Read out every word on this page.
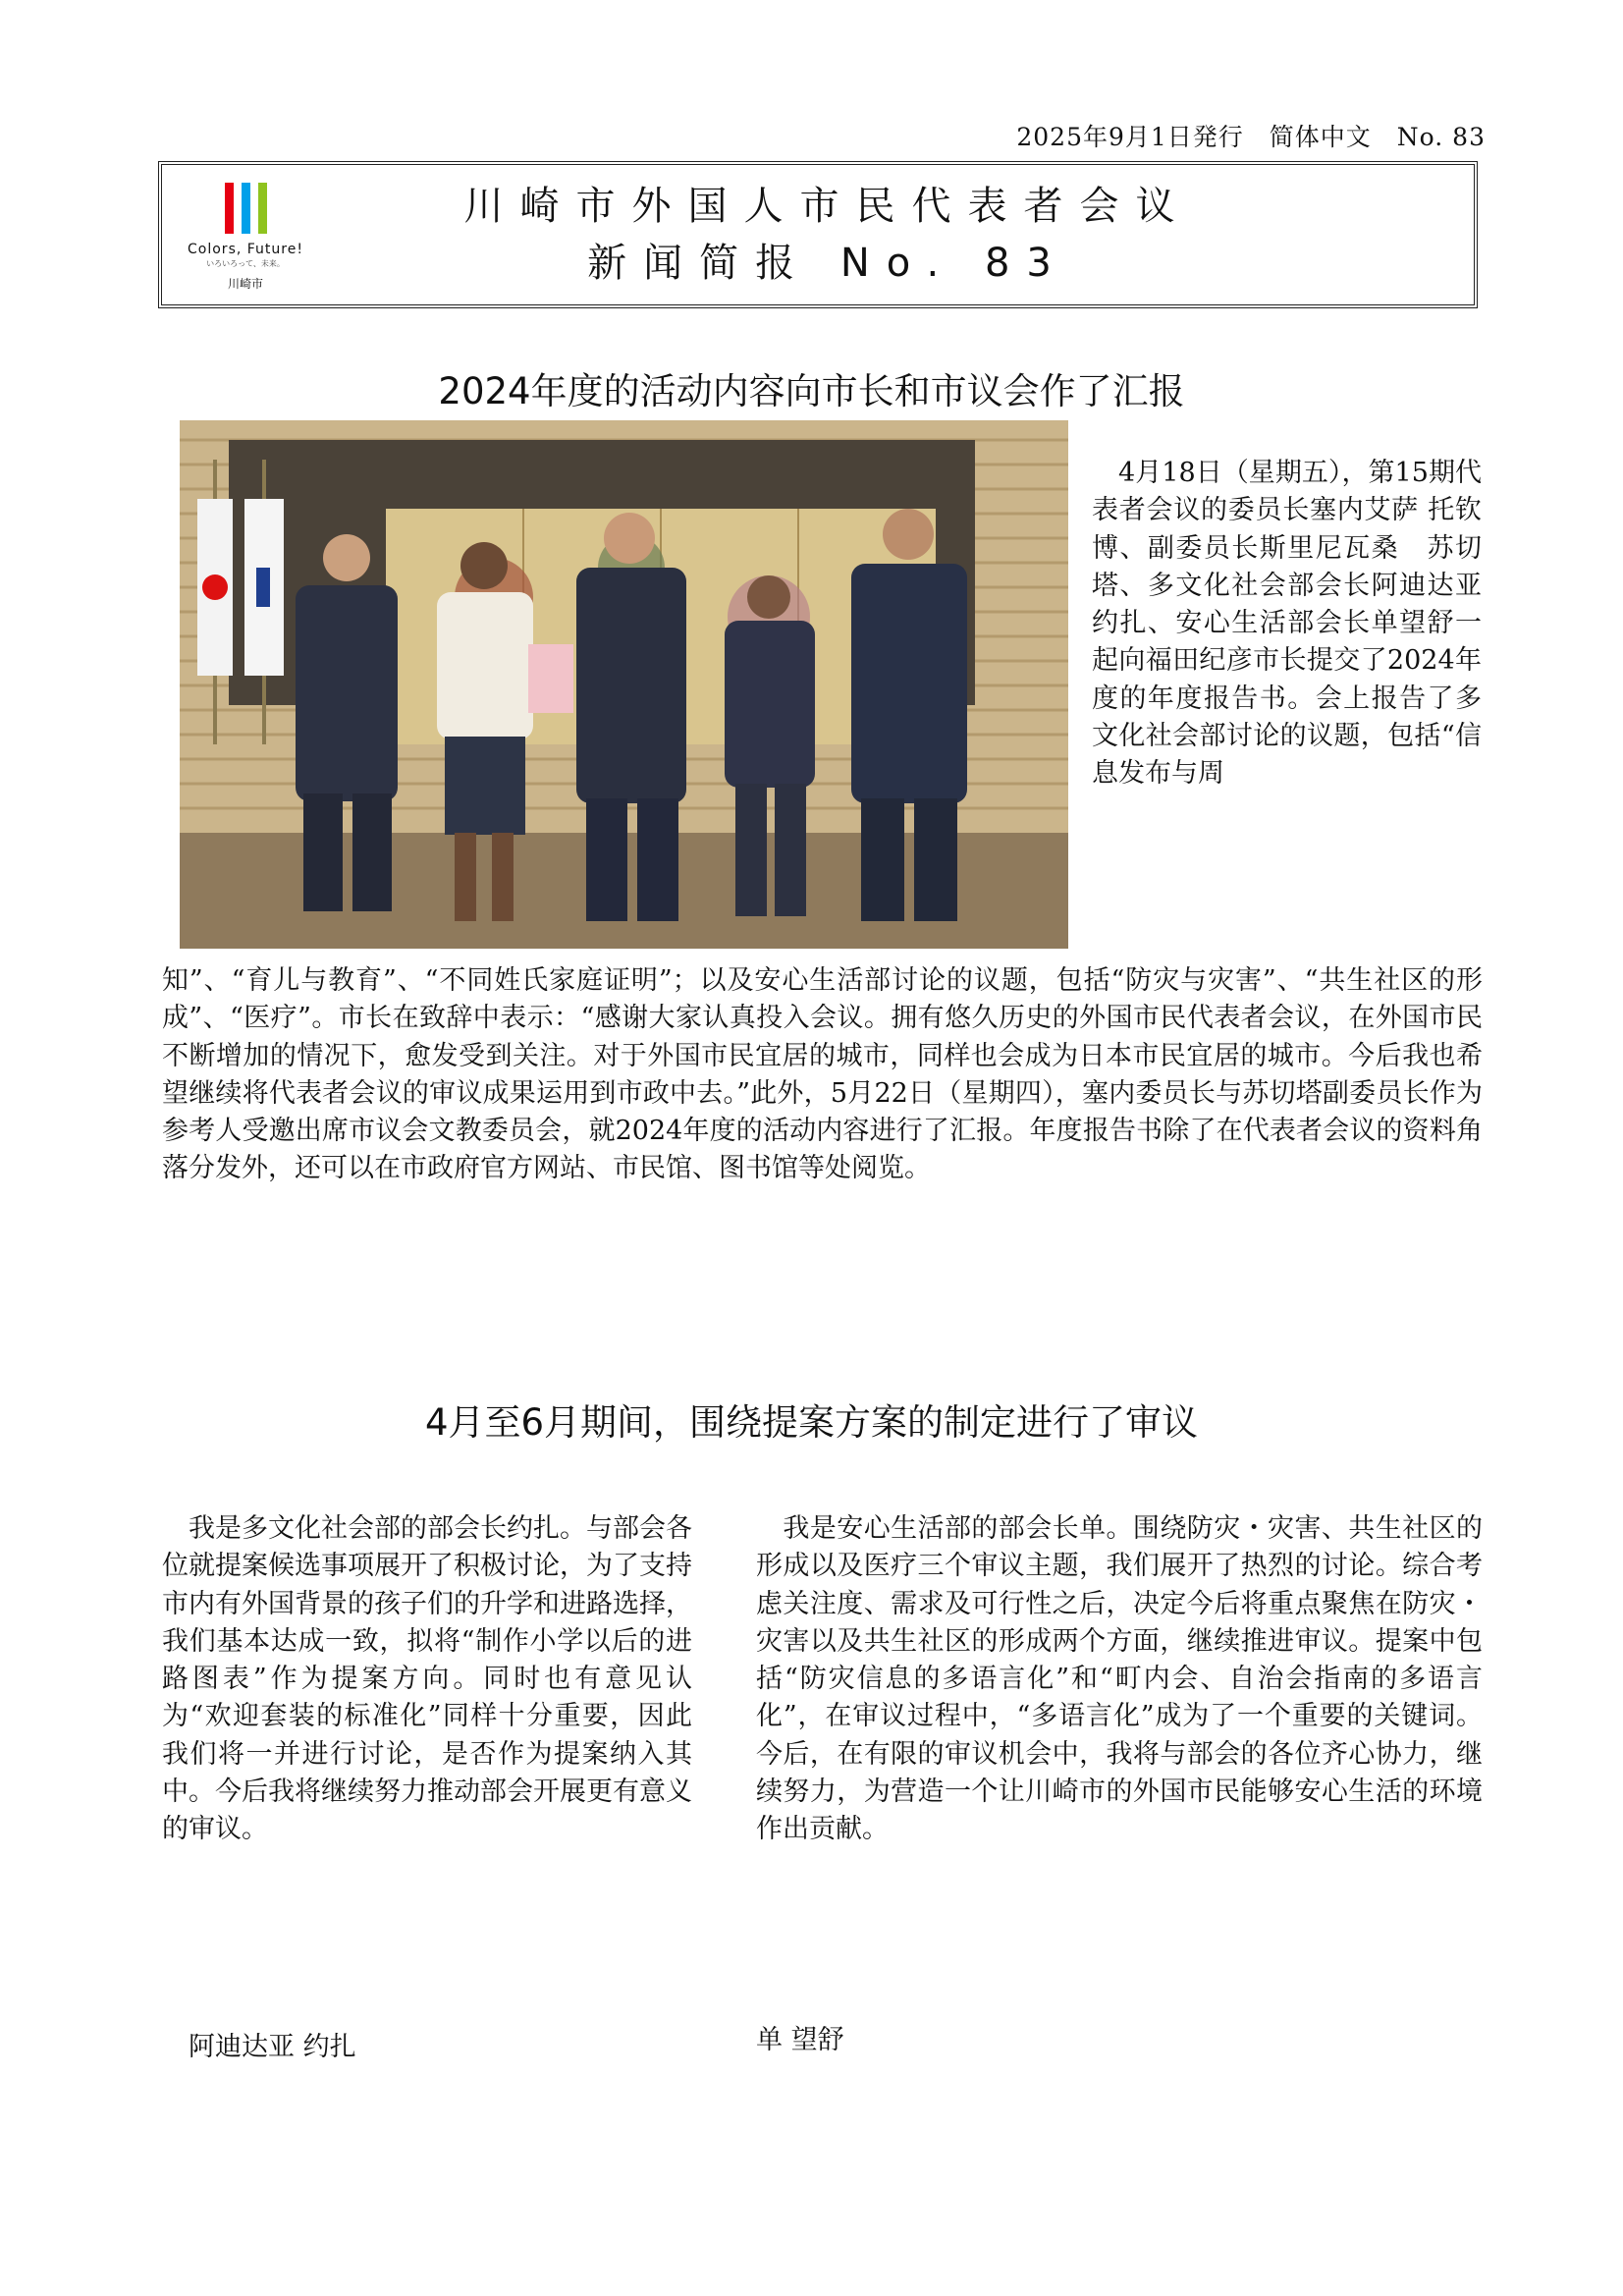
2025年9月1日発行　简体中文　No. 83
Colors, Future!
いろいろって、未来。
川崎市
川崎市外国人市民代表者会议
新闻简报 No. 83
2024年度的活动内容向市长和市议会作了汇报
　4月18日（星期五），第15期代表者会议的委员长塞内艾萨 托钦博、副委员长斯里尼瓦桑　苏切塔、多文化社会部会长阿迪达亚 约扎、安心生活部会长单望舒一起向福田纪彦市长提交了2024年度的年度报告书。会上报告了多文化社会部讨论的议题，包括“信息发布与周
知”、“育儿与教育”、“不同姓氏家庭证明”；以及安心生活部讨论的议题，包括“防灾与灾害”、“共生社区的形成”、“医疗”。市长在致辞中表示：“感谢大家认真投入会议。拥有悠久历史的外国市民代表者会议，在外国市民不断增加的情况下，愈发受到关注。对于外国市民宜居的城市，同样也会成为日本市民宜居的城市。今后我也希望继续将代表者会议的审议成果运用到市政中去。”此外，5月22日（星期四），塞内委员长与苏切塔副委员长作为参考人受邀出席市议会文教委员会，就2024年度的活动内容进行了汇报。年度报告书除了在代表者会议的资料角落分发外，还可以在市政府官方网站、市民馆、图书馆等处阅览。
4月至6月期间，围绕提案方案的制定进行了审议
　我是多文化社会部的部会长约扎。与部会各位就提案候选事项展开了积极讨论，为了支持市内有外国背景的孩子们的升学和进路选择，我们基本达成一致，拟将“制作小学以后的进路图表”作为提案方向。同时也有意见认为“欢迎套装的标准化”同样十分重要，因此我们将一并进行讨论，是否作为提案纳入其中。今后我将继续努力推动部会开展更有意义的审议。
阿迪达亚 约扎
　我是安心生活部的部会长单。围绕防灾・灾害、共生社区的形成以及医疗三个审议主题，我们展开了热烈的讨论。综合考虑关注度、需求及可行性之后，决定今后将重点聚焦在防灾・灾害以及共生社区的形成两个方面，继续推进审议。提案中包括“防灾信息的多语言化”和“町内会、自治会指南的多语言化”，在审议过程中，“多语言化”成为了一个重要的关键词。今后，在有限的审议机会中，我将与部会的各位齐心协力，继续努力，为营造一个让川崎市的外国市民能够安心生活的环境作出贡献。
单 望舒
